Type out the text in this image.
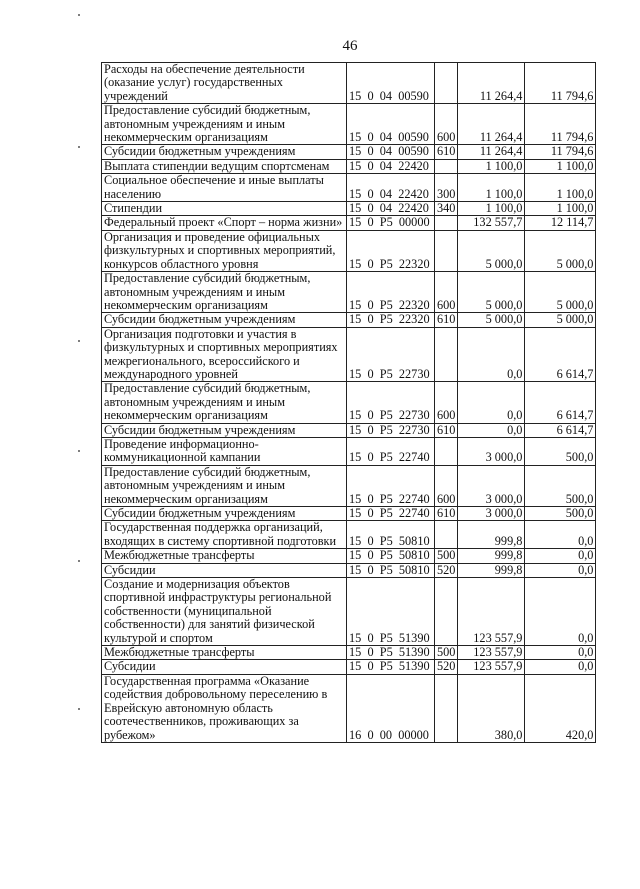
46
Расходы на обеспечение деятельности (оказание услуг) государственных учреждений	15  0  04  00590		11 264,4	11 794,6
Предоставление субсидий бюджетным, автономным учреждениям и иным некоммерческим организациям	15  0  04  00590	600	11 264,4	11 794,6
Субсидии бюджетным учреждениям	15  0  04  00590	610	11 264,4	11 794,6
Выплата стипендии ведущим спортсменам	15  0  04  22420		1 100,0	1 100,0
Социальное обеспечение и иные выплаты населению	15  0  04  22420	300	1 100,0	1 100,0
Стипендии	15  0  04  22420	340	1 100,0	1 100,0
Федеральный проект «Спорт – норма жизни»	15  0  P5  00000		132 557,7	12 114,7
Организация и проведение официальных физкультурных и спортивных мероприятий, конкурсов областного уровня	15  0  P5  22320		5 000,0	5 000,0
Предоставление субсидий бюджетным, автономным учреждениям и иным некоммерческим организациям	15  0  P5  22320	600	5 000,0	5 000,0
Субсидии бюджетным учреждениям	15  0  P5  22320	610	5 000,0	5 000,0
Организация подготовки и участия в физкультурных и спортивных мероприятиях межрегионального, всероссийского и международного уровней	15  0  P5  22730		0,0	6 614,7
Предоставление субсидий бюджетным, автономным учреждениям и иным некоммерческим организациям	15  0  P5  22730	600	0,0	6 614,7
Субсидии бюджетным учреждениям	15  0  P5  22730	610	0,0	6 614,7
Проведение информационно-коммуникационной кампании	15  0  P5  22740		3 000,0	500,0
Предоставление субсидий бюджетным, автономным учреждениям и иным некоммерческим организациям	15  0  P5  22740	600	3 000,0	500,0
Субсидии бюджетным учреждениям	15  0  P5  22740	610	3 000,0	500,0
Государственная поддержка организаций, входящих в систему спортивной подготовки	15  0  P5  50810		999,8	0,0
Межбюджетные трансферты	15  0  P5  50810	500	999,8	0,0
Субсидии	15  0  P5  50810	520	999,8	0,0
Создание и модернизация объектов спортивной инфраструктуры региональной собственности (муниципальной собственности) для занятий физической культурой и спортом	15  0  P5  51390		123 557,9	0,0
Межбюджетные трансферты	15  0  P5  51390	500	123 557,9	0,0
Субсидии	15  0  P5  51390	520	123 557,9	0,0
Государственная программа «Оказание содействия добровольному переселению в Еврейскую автономную область соотечественников, проживающих за рубежом»	16  0  00  00000		380,0	420,0
